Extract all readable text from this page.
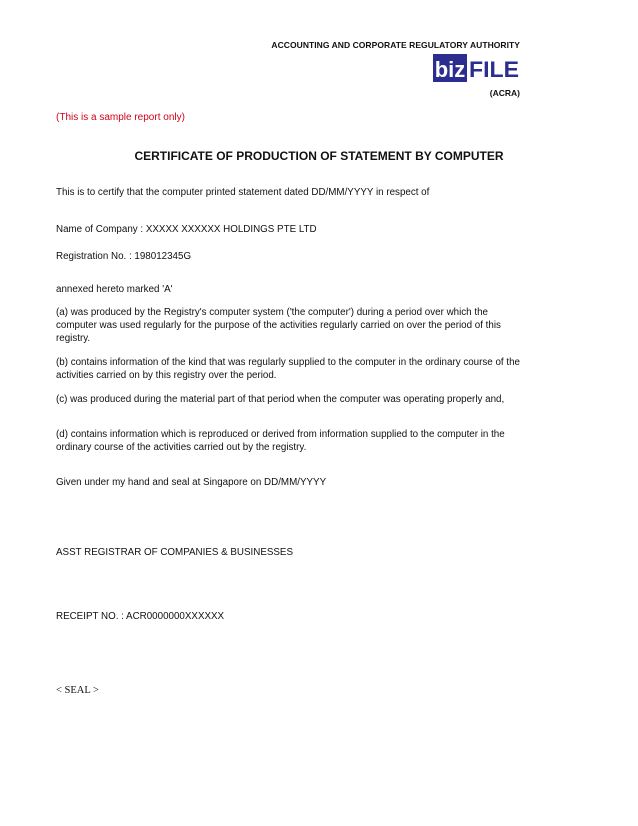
ACCOUNTING AND CORPORATE REGULATORY AUTHORITY
biz FILE
(ACRA)
(This is a sample report only)
CERTIFICATE OF PRODUCTION OF STATEMENT BY COMPUTER
This is to certify that the computer printed statement dated DD/MM/YYYY in respect of
Name of Company : XXXXX XXXXXX HOLDINGS PTE LTD
Registration No. : 198012345G
annexed hereto marked 'A'
(a) was produced by the Registry's computer system ('the computer') during a period over which the computer was used regularly for the purpose of the activities regularly carried on over the period of this registry.
(b) contains information of the kind that was regularly supplied to the computer in the ordinary course of the activities carried on by this registry over the period.
(c) was produced during the material part of that period when the computer was operating properly and,
(d) contains information which is reproduced or derived from information supplied to the computer in the ordinary course of the activities carried out by the registry.
Given under my hand and seal at Singapore on DD/MM/YYYY
ASST REGISTRAR OF COMPANIES & BUSINESSES
RECEIPT NO. : ACR0000000XXXXXX
< SEAL >
